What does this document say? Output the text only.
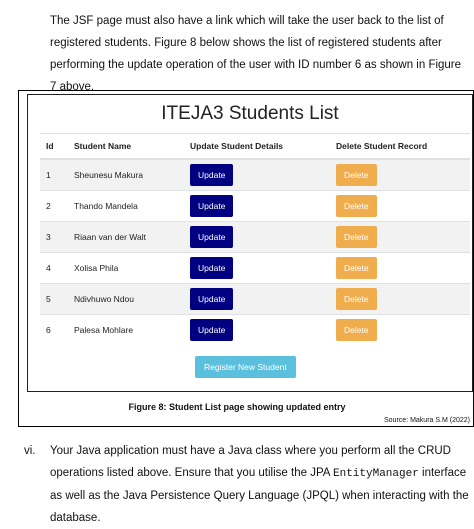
The JSF page must also have a link which will take the user back to the list of registered students. Figure 8 below shows the list of registered students after performing the update operation of the user with ID number 6 as shown in Figure 7 above.

ITEJA3 Students List
Id	Student Name	Update Student Details	Delete Student Record
1	Sheunesu Makura	Update	Delete
2	Thando Mandela	Update	Delete
3	Riaan van der Walt	Update	Delete
4	Xolisa Phila	Update	Delete
5	Ndivhuwo Ndou	Update	Delete
6	Palesa Mohlare	Update	Delete
Register New Student
Figure 8: Student List page showing updated entry
Source: Makura S.M (2022)
vi. Your Java application must have a Java class where you perform all the CRUD operations listed above. Ensure that you utilise the JPA EntityManager interface as well as the Java Persistence Query Language (JPQL) when interacting with the database.
